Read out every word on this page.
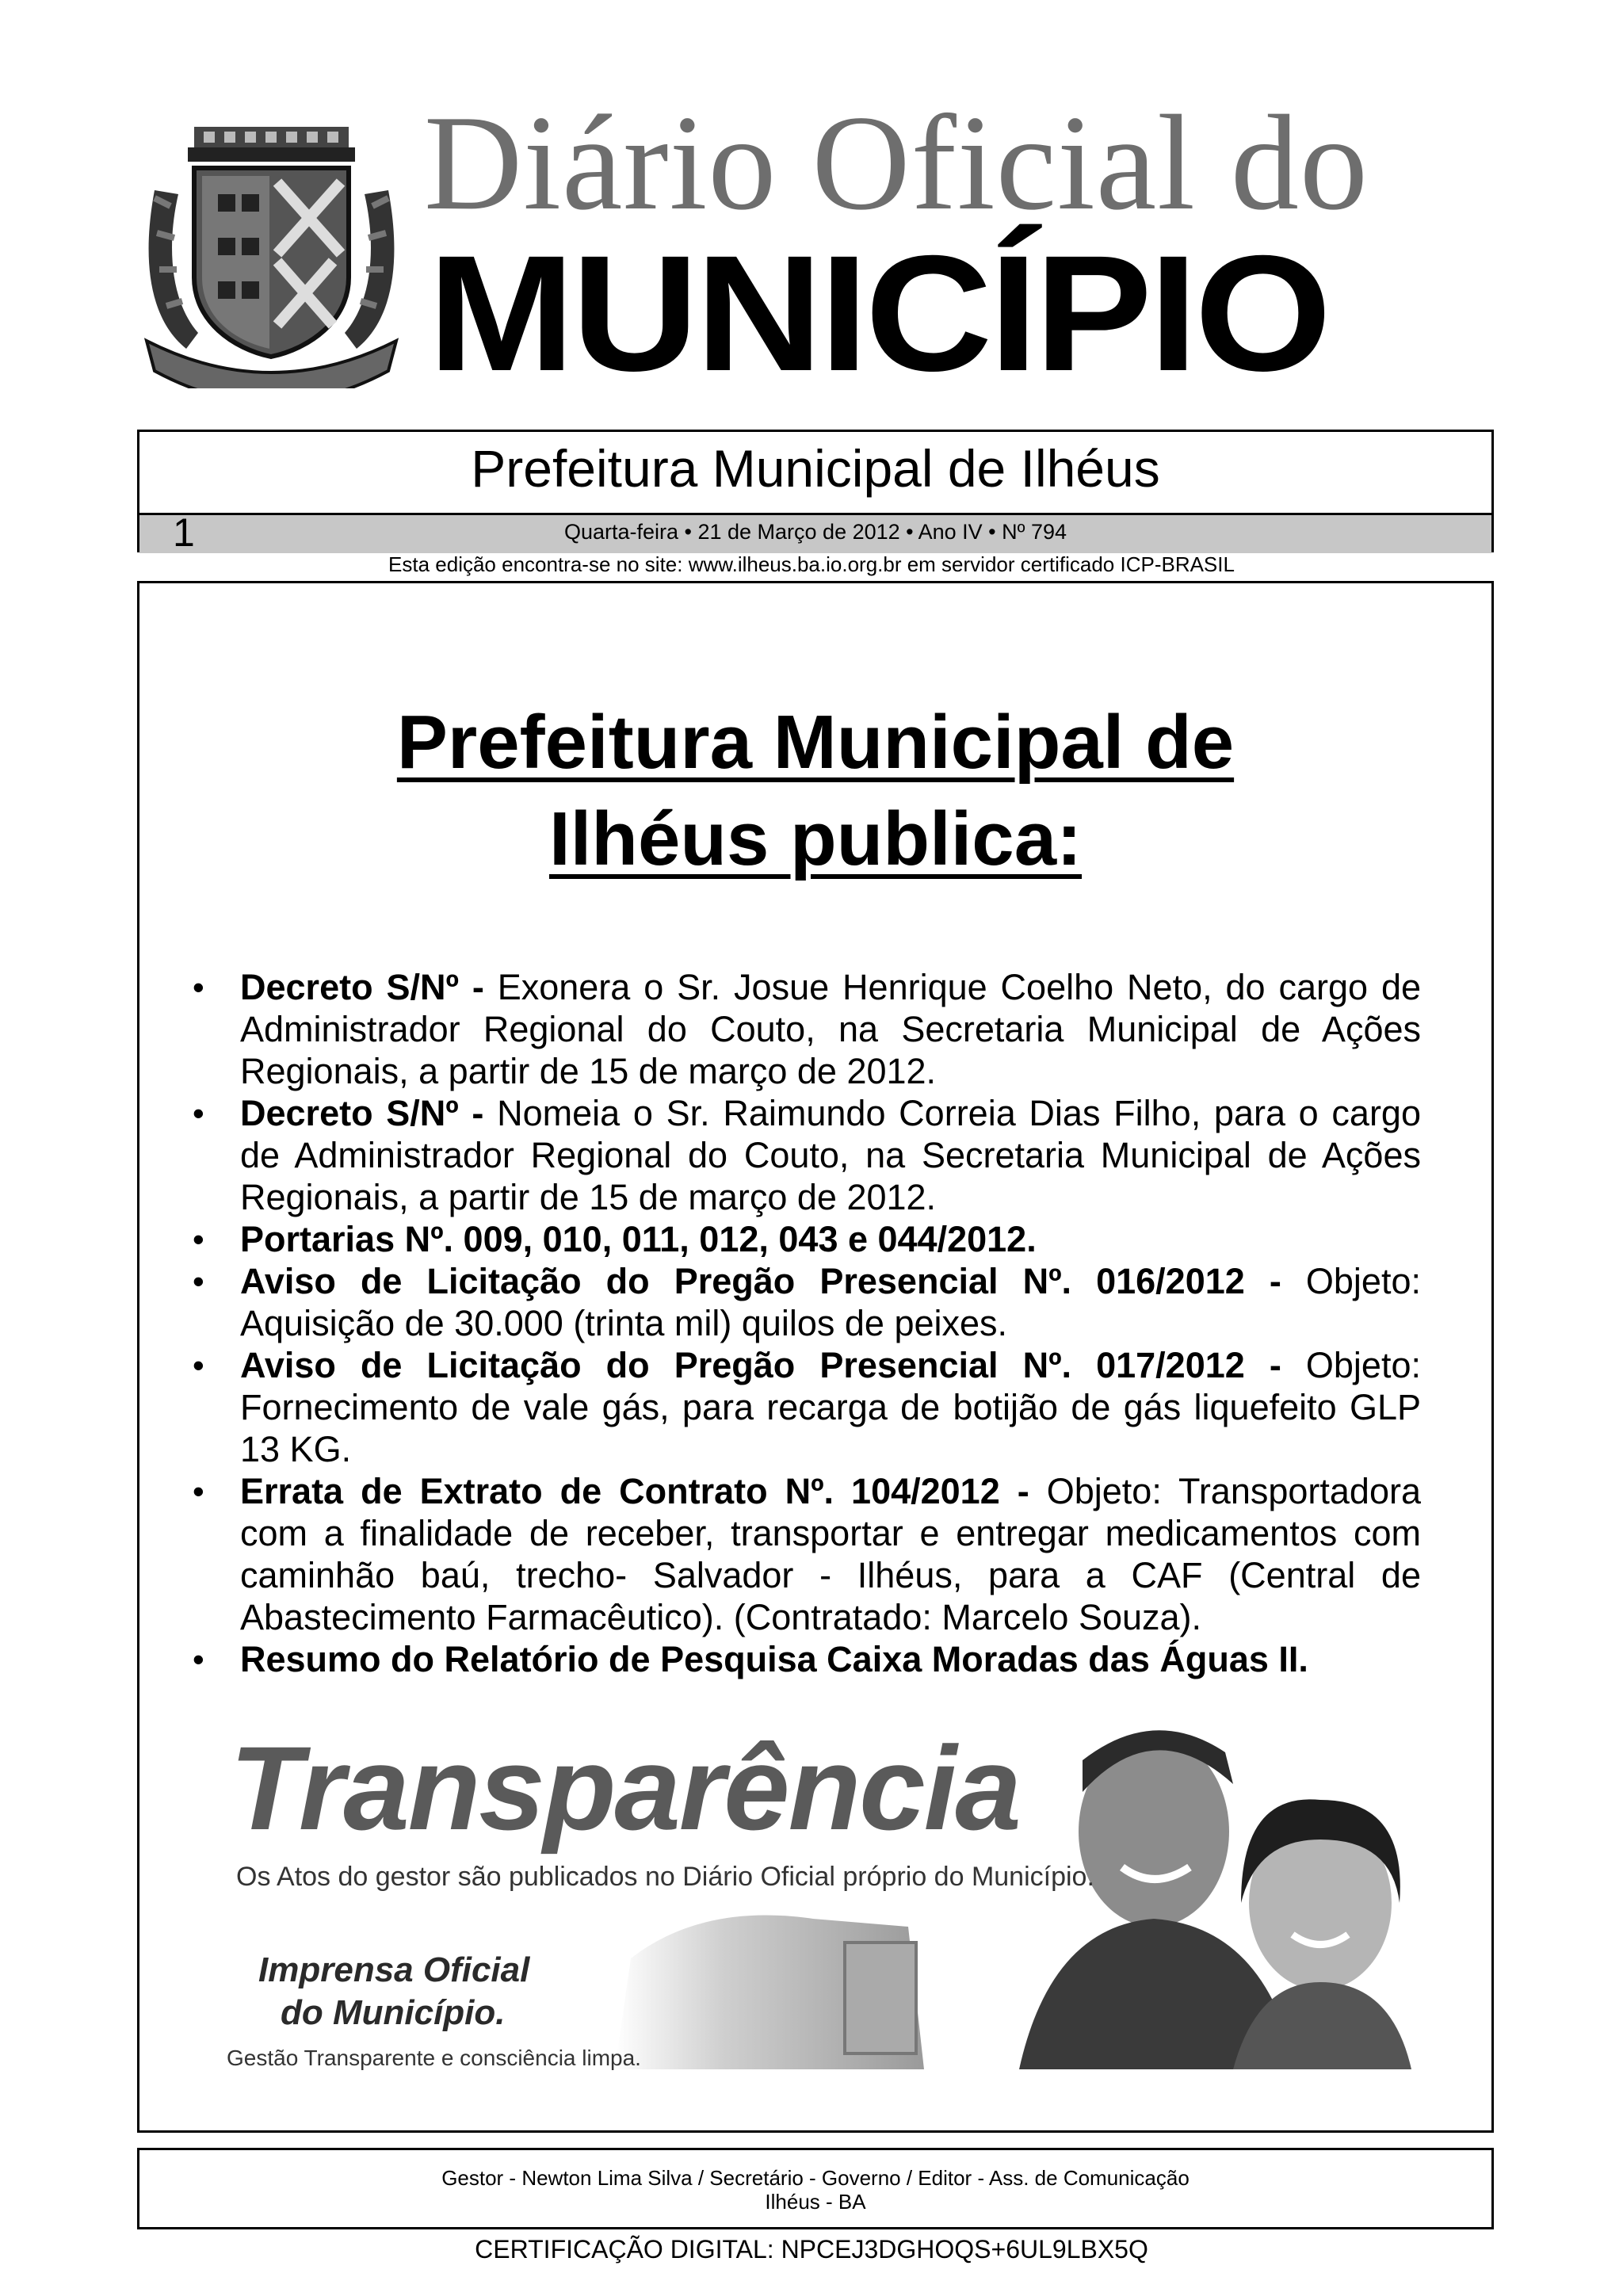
Diário Oficial do
MUNICÍPIO
Prefeitura Municipal de Ilhéus
1	Quarta-feira • 21 de Março de 2012 • Ano IV • Nº 794
Esta edição encontra-se no site: www.ilheus.ba.io.org.br em servidor certificado ICP-BRASIL
Prefeitura Municipal de
Ilhéus publica:
• Decreto S/Nº - Exonera o Sr. Josue Henrique Coelho Neto, do cargo de Administrador Regional do Couto, na Secretaria Municipal de Ações Regionais, a partir de 15 de março de 2012.
• Decreto S/Nº - Nomeia o Sr. Raimundo Correia Dias Filho, para o cargo de Administrador Regional do Couto, na Secretaria Municipal de Ações Regionais, a partir de 15 de março de 2012.
• Portarias Nº. 009, 010, 011, 012, 043 e 044/2012.
• Aviso de Licitação do Pregão Presencial Nº. 016/2012 - Objeto: Aquisição de 30.000 (trinta mil) quilos de peixes.
• Aviso de Licitação do Pregão Presencial Nº. 017/2012 - Objeto: Fornecimento de vale gás, para recarga de botijão de gás liquefeito GLP 13 KG.
• Errata de Extrato de Contrato Nº. 104/2012 - Objeto: Transportadora com a finalidade de receber, transportar e entregar medicamentos com caminhão baú, trecho- Salvador - Ilhéus, para a CAF (Central de Abastecimento Farmacêutico). (Contratado: Marcelo Souza).
• Resumo do Relatório de Pesquisa Caixa Moradas das Águas II.
Transparência
Os Atos do gestor são publicados no Diário Oficial próprio do Município.
Imprensa Oficial
do Município.
Gestão Transparente e consciência limpa.
Gestor - Newton Lima Silva / Secretário - Governo / Editor - Ass. de Comunicação
Ilhéus - BA
CERTIFICAÇÃO DIGITAL: NPCEJ3DGHOQS+6UL9LBX5Q
